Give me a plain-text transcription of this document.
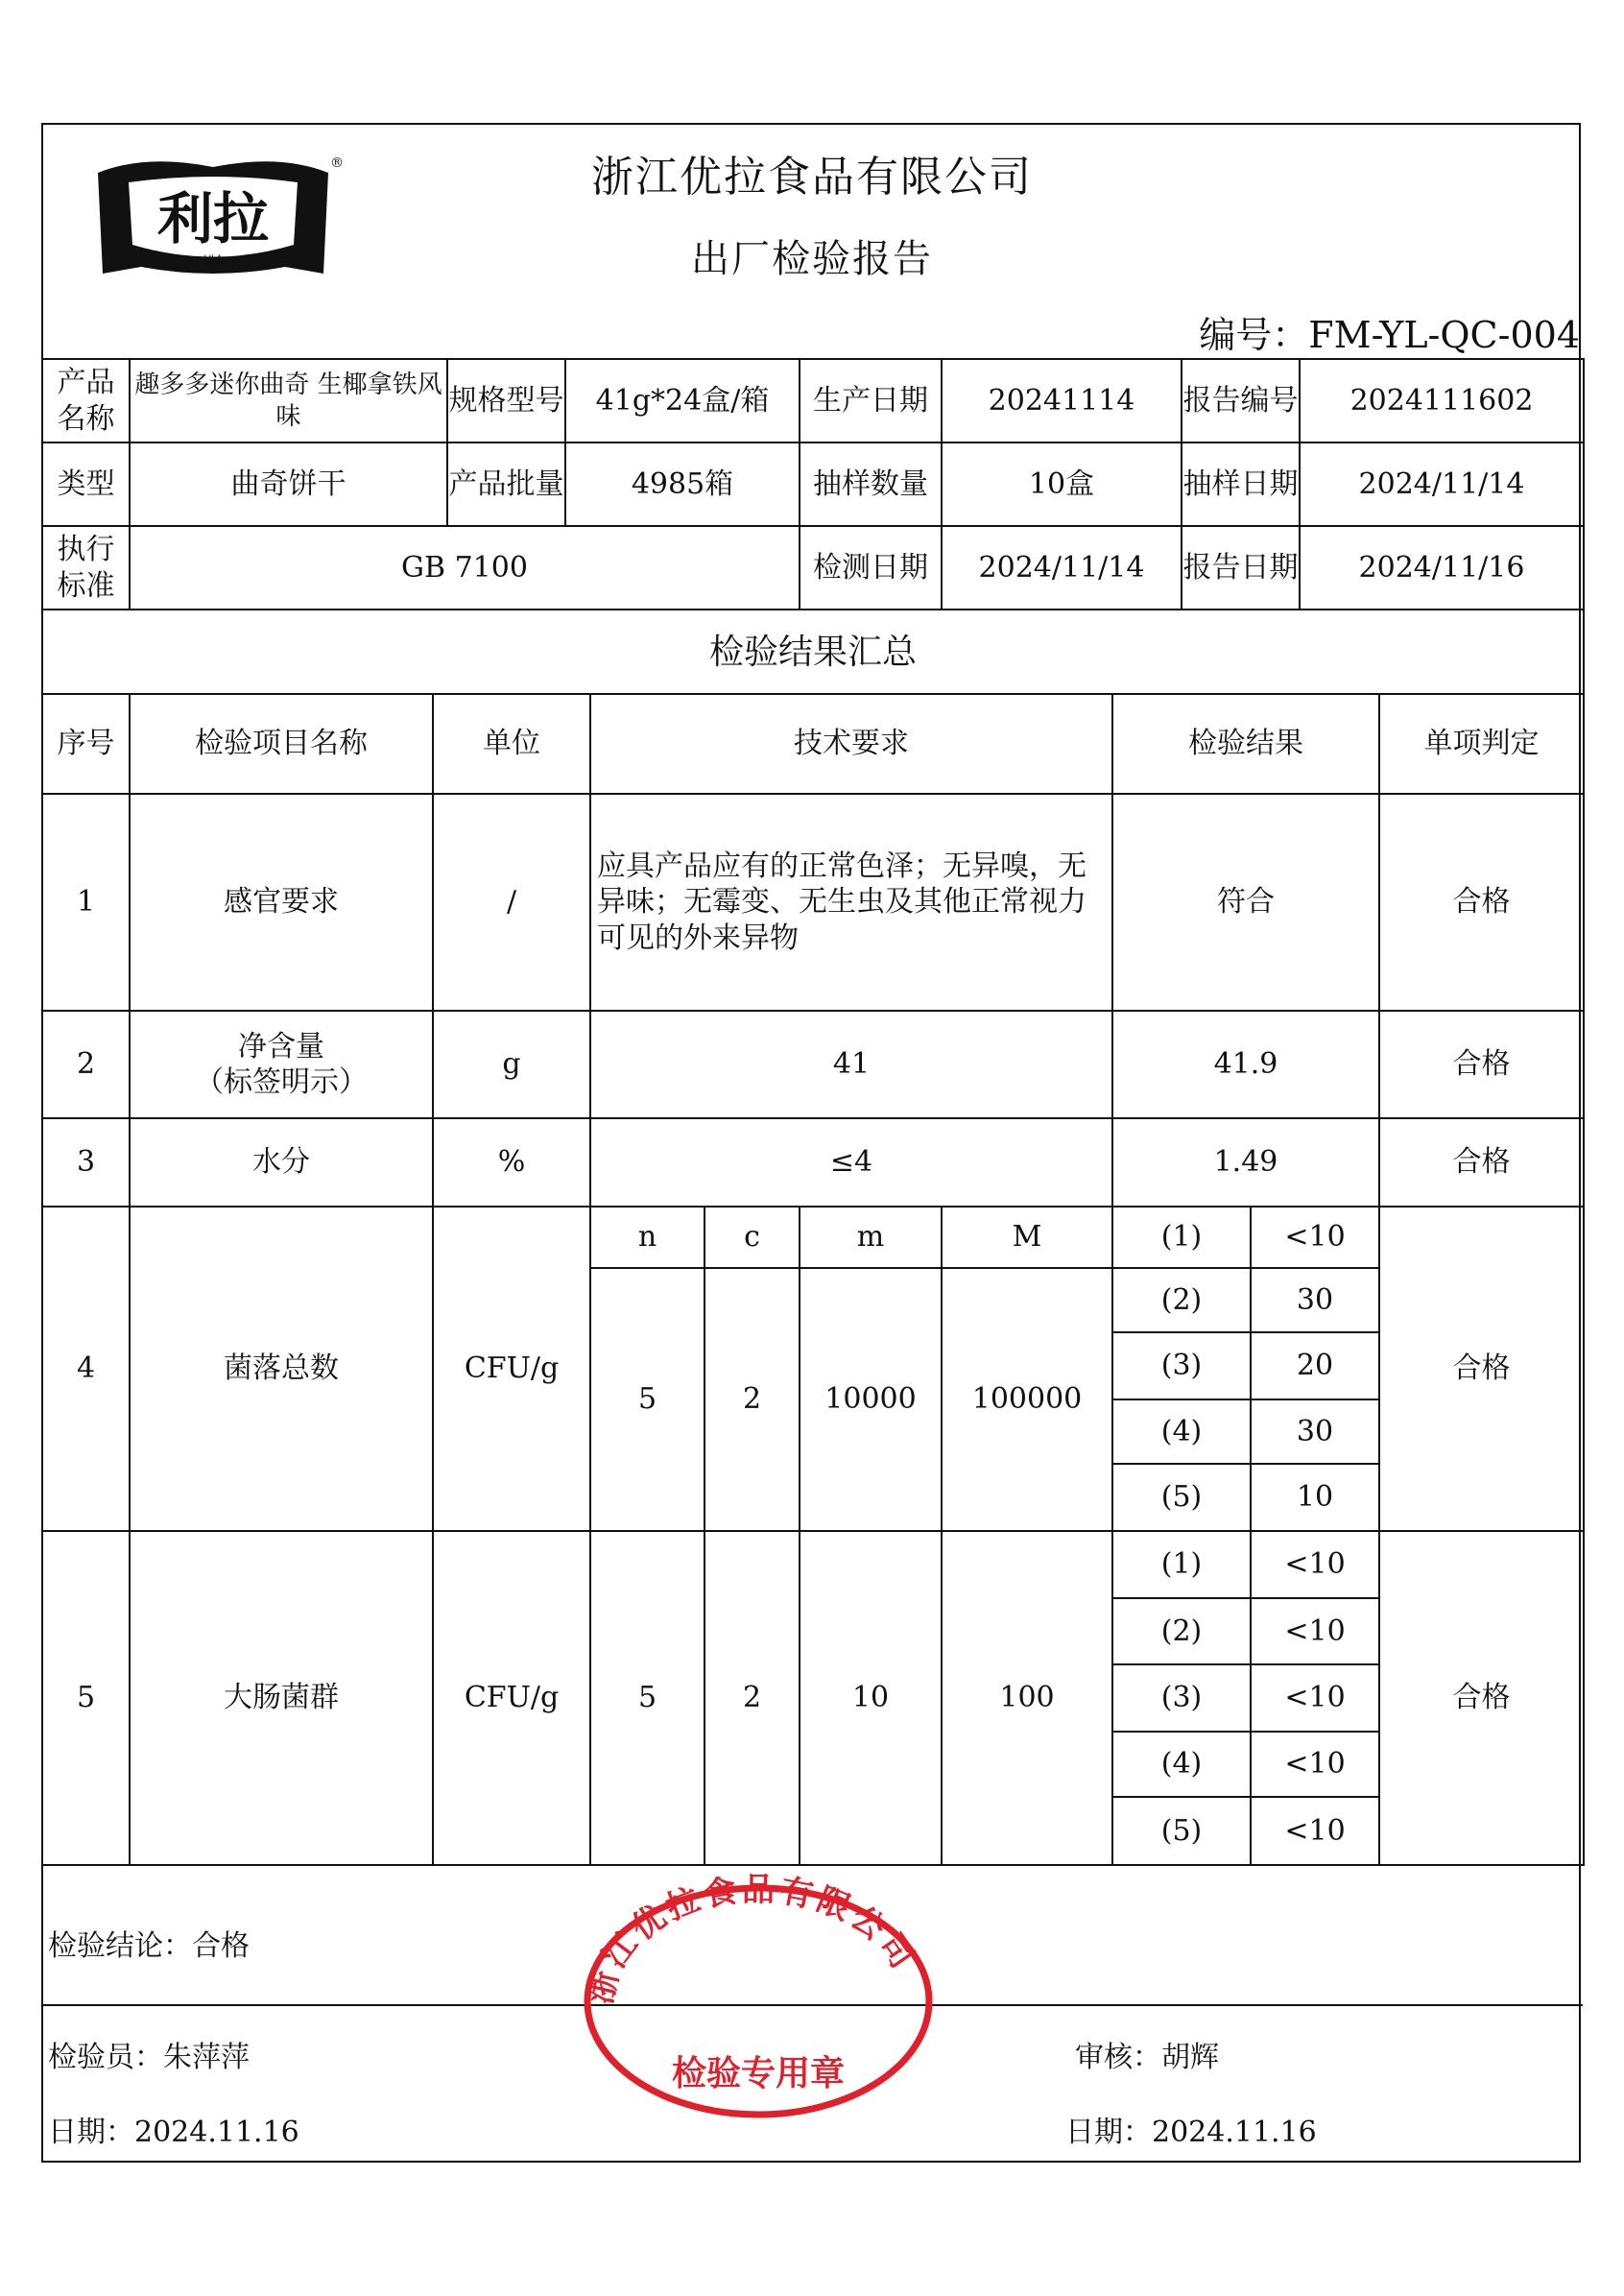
利拉
LILA
®	浙江优拉食品有限公司
出厂检验报告
编号：FM-YL-QC-004
产品名称	趣多多迷你曲奇 生椰拿铁风味	规格型号	41g*24盒/箱	生产日期	20241114	报告编号	2024111602
类型	曲奇饼干	产品批量	4985箱	抽样数量	10盒	抽样日期	2024/11/14
执行标准	GB 7100			检测日期	2024/11/14	报告日期	2024/11/16
检验结果汇总									
序号	检验项目名称	单位	技术要求				检验结果		单项判定
1	感官要求	/	应具产品应有的正常色泽；无异嗅，无异味；无霉变、无生虫及其他正常视力可见的外来异物				符合		合格
2	净含量
（标签明示）	g	41				41.9		合格
3	水分	%	≤4				1.49		合格
4	菌落总数	CFU/g	n	c	m	M	(1)	<10	合格
			5	2	10000	100000	(2)	30	
							(3)	20	
							(4)	30	
							(5)	10	
5	大肠菌群	CFU/g	5	2	10	100	(1)	<10	合格
							(2)	<10	
							(3)	<10	
							(4)	<10	
							(5)	<10	
检验结论：合格
检验员：朱萍萍	审核：胡辉
日期：2024.11.16	日期：2024.11.16
浙江优拉食品有限公司
检验专用章
